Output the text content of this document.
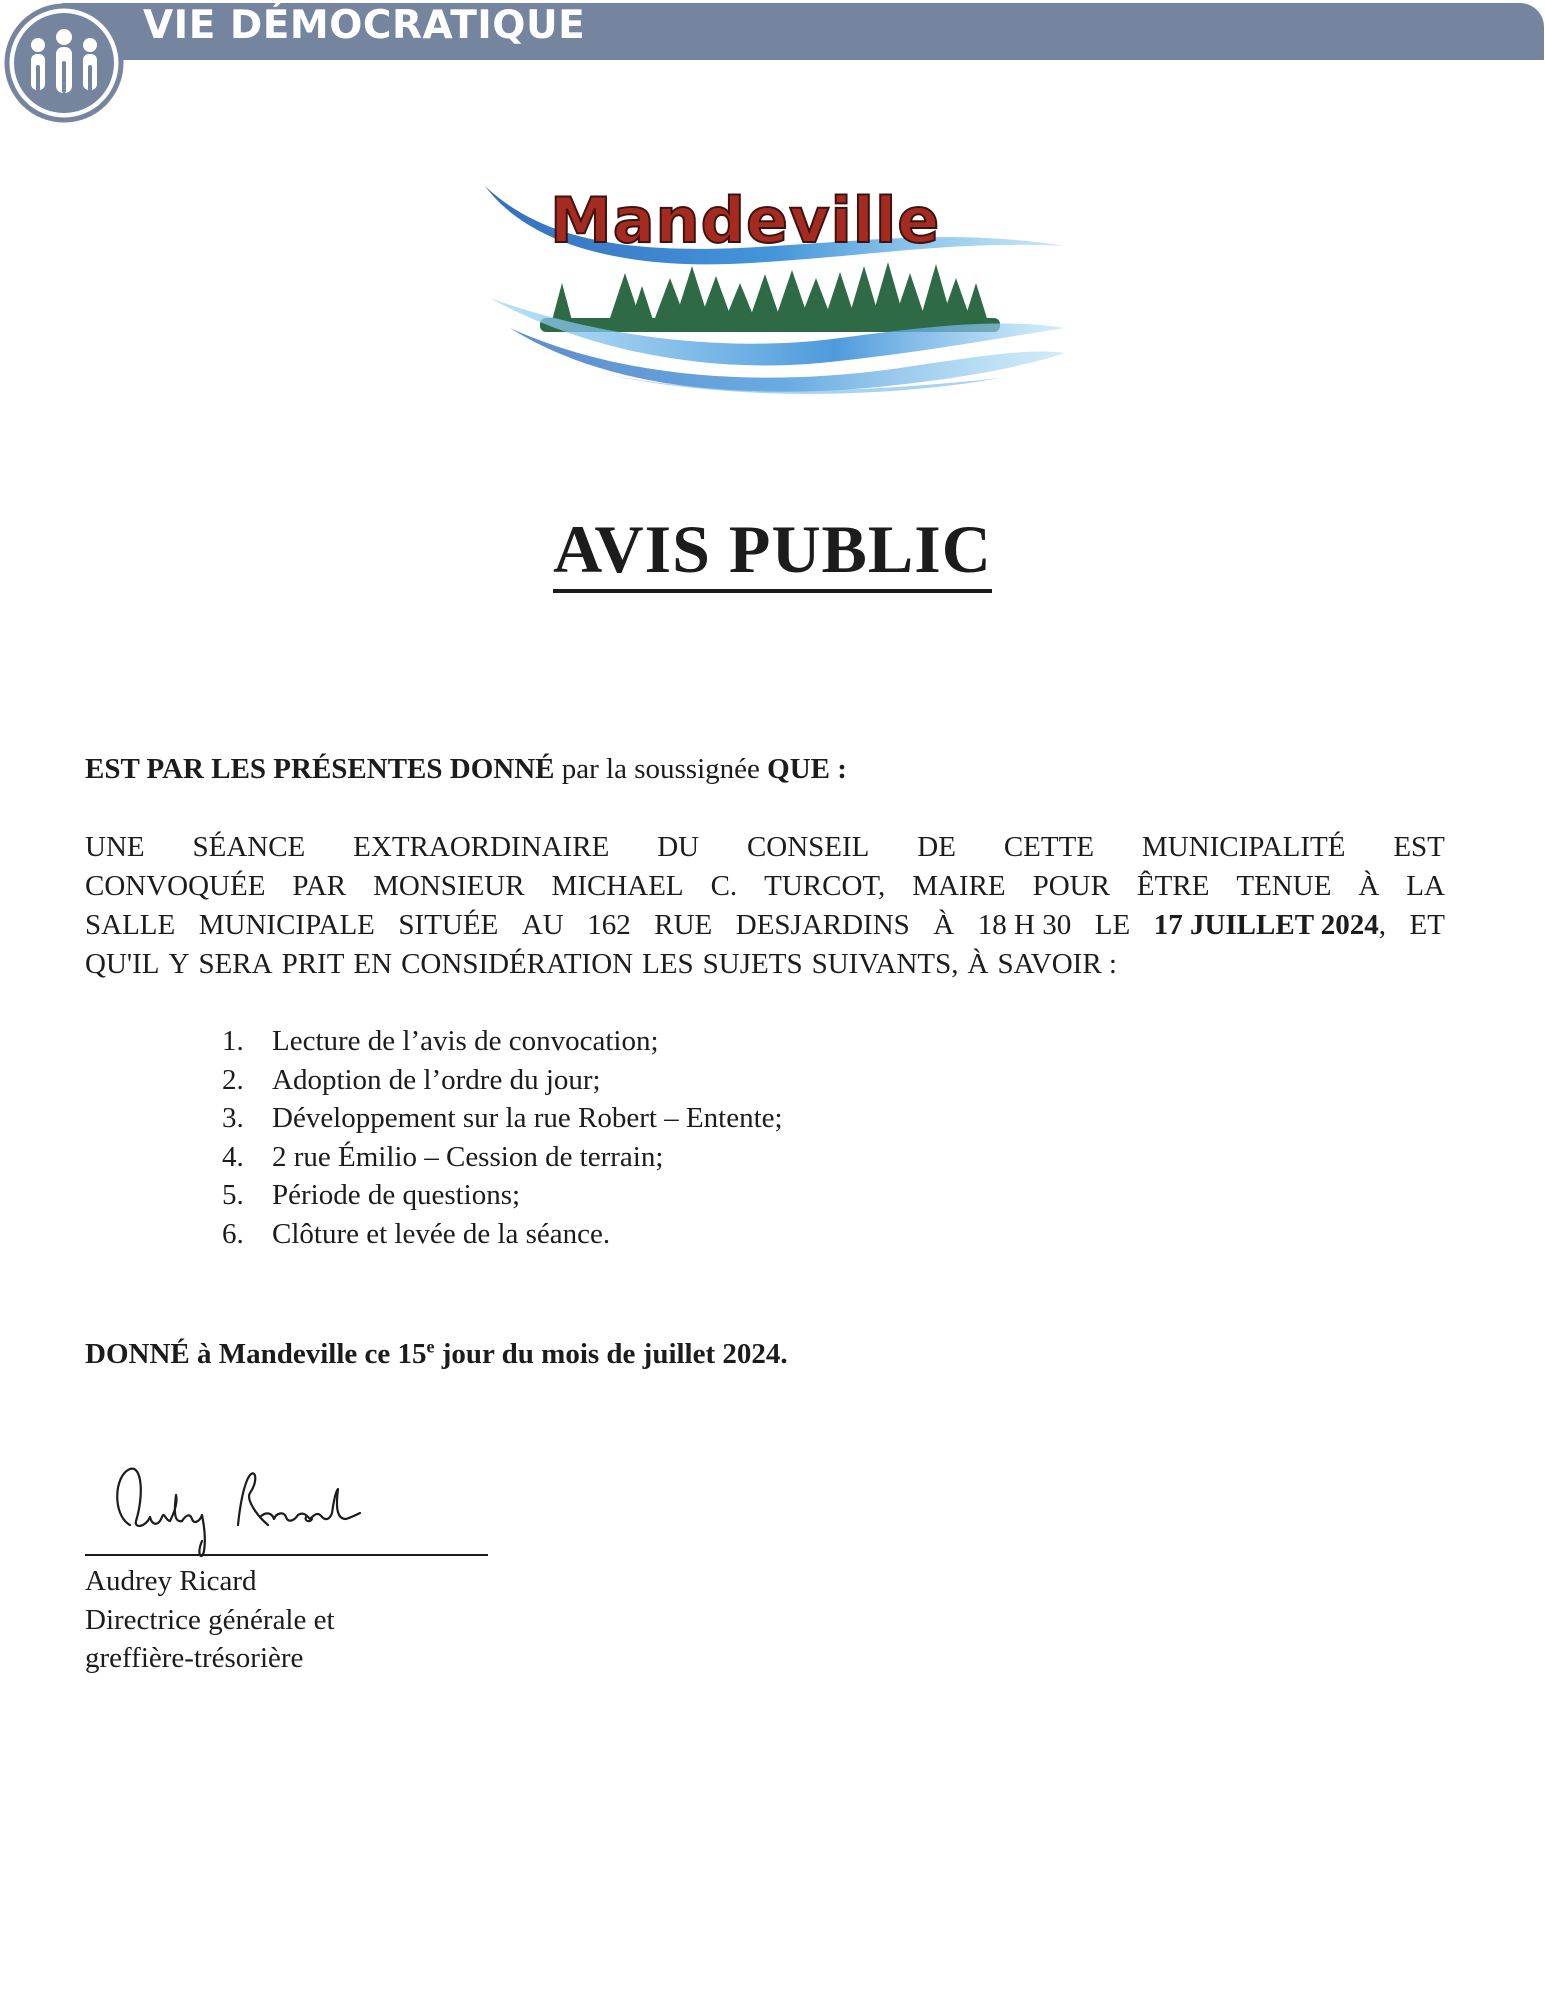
VIE DÉMOCRATIQUE
Mandeville
AVIS PUBLIC
EST PAR LES PRÉSENTES DONNÉ par la soussignée QUE :
UNE SÉANCE EXTRAORDINAIRE DU CONSEIL DE CETTE MUNICIPALITÉ EST
CONVOQUÉE PAR MONSIEUR MICHAEL C. TURCOT, MAIRE POUR ÊTRE TENUE À LA
SALLE MUNICIPALE SITUÉE AU 162 RUE DESJARDINS À 18 H 30 LE 17 JUILLET 2024, ET
QU'IL Y SERA PRIT EN CONSIDÉRATION LES SUJETS SUIVANTS, À SAVOIR :
1. Lecture de l’avis de convocation;
2. Adoption de l’ordre du jour;
3. Développement sur la rue Robert – Entente;
4. 2 rue Émilio – Cession de terrain;
5. Période de questions;
6. Clôture et levée de la séance.
DONNÉ à Mandeville ce 15e jour du mois de juillet 2024.
Audrey Ricard
Directrice générale et
greffière-trésorière
